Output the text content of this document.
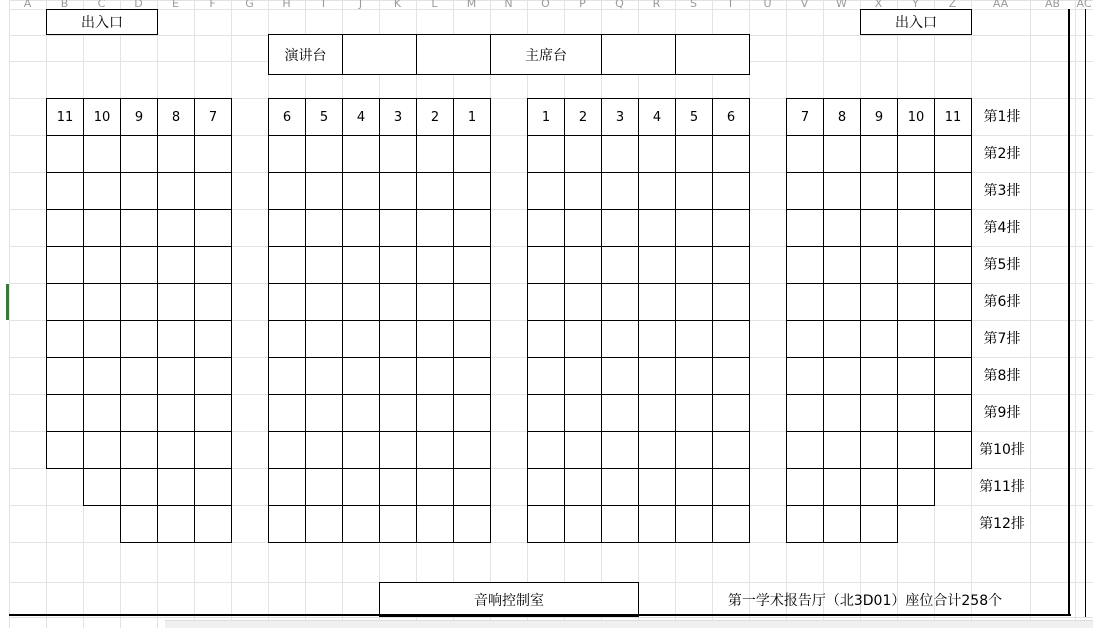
A	B	C	D	E	F	G	H	I	J	K	L	M	N	O	P	Q	R	S	T	U	V	W	X	Y	Z	AA	AB	AC
出入口	出入口
演讲台	主席台
11	10	9	8	7	6	5	4	3	2	1	1	2	3	4	5	6	7	8	9	10	11	第1排
第2排
第3排
第4排
第5排
第6排
第7排
第8排
第9排
第10排
第11排
第12排
音响控制室	第一学术报告厅（北3D01）座位合计258个
